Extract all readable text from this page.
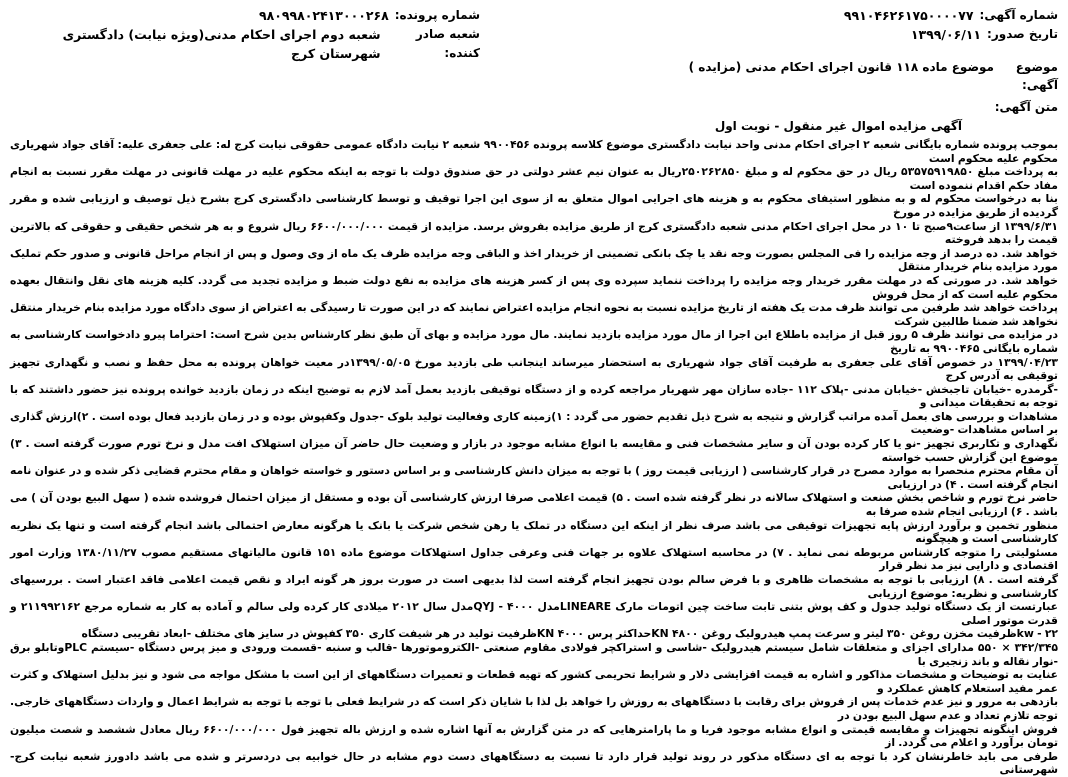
شماره آگهی:
۹۹۱۰۴۶۲۶۱۷۵۰۰۰۰۷۷
شماره پرونده:
۹۸۰۹۹۸۰۲۴۱۳۰۰۰۲۶۸
تاریخ صدور:
۱۳۹۹/۰۶/۱۱
شعبه صادر کننده:
شعبه دوم اجرای احکام مدنی(ویژه نیابت) دادگستری شهرستان کرج
موضوع آگهی:
موضوع ماده ۱۱۸ قانون اجرای احکام مدنی (مزایده )
متن آگهی:
آگهی مزایده اموال غیر منقول - نوبت اول
بموجب پرونده شماره بایگانی شعبه ۲ اجرای احکام مدنی واحد نیابت دادگستری موضوع کلاسه پرونده ۹۹۰۰۴۵۶ شعبه ۲ نیابت دادگاه عمومی حقوقی نیابت کرج له: علی جعفری علیه: آقای جواد شهریاری محکوم علیه محکوم است
به پرداخت مبلغ ۵۳۵۷۵۹۱۹۸۵۰ ریال در حق محکوم له و مبلغ ۲۵۰۲۶۲۸۵۰ریال به عنوان نیم عشر دولتی در حق صندوق دولت با توجه به اینکه محکوم علیه در مهلت قانونی در مهلت مقرر نسبت به انجام مفاد حکم اقدام ننموده است
بنا به درخواست محکوم له و به منظور استیفای محکوم به و هزینه های اجرایی اموال متعلق به از سوی این اجرا توقیف و توسط کارشناسی دادگستری کرج بشرح ذیل توصیف و ارزیابی شده و مقرر گردیده از طریق مزایده در مورخ
۱۳۹۹/۶/۳۱ از ساعت۹صبح تا ۱۰ در محل اجرای احکام مدنی شعبه دادگستری کرج از طریق مزایده بفروش برسد. مزایده از قیمت ۶۶۰۰/۰۰۰/۰۰۰ ریال شروع و به هر شخص حقیقی و حقوقی که بالاترین قیمت را بدهد فروخته
خواهد شد. ده درصد از وجه مزایده را فی المجلس بصورت وجه نقد یا چک بانکی تضمینی از خریدار اخذ و الباقی وجه مزایده ظرف یک ماه از وی وصول و پس از انجام مراحل قانونی و صدور حکم تملیک مورد مزایده بنام خریدار منتقل
خواهد شد. در صورتی که در مهلت مقرر خریدار وجه مزایده را پرداخت ننماید سپرده وی پس از کسر هزینه های مزایده به نفع دولت ضبط و مزایده تجدید می گردد. کلیه هزینه های نقل وانتقال بعهده محکوم علیه است که از محل فروش
پرداخت خواهد شد طرفین می توانند ظرف مدت یک هفته از تاریخ مزایده نسبت به نحوه انجام مزایده اعتراض نمایند که در این صورت تا رسیدگی به اعتراض از سوی دادگاه مورد مزایده بنام خریدار منتقل نخواهد شد ضمنا طالبین شرکت
در مزایده می توانند ظرف ۵ روز قبل از مزایده باطلاع این اجرا از مال مورد مزایده بازدید نمایند. مال مورد مزایده و بهای آن طبق نظر کارشناس بدین شرح است: احتراما پیرو دادخواست کارشناسی به شماره بایگانی ۹۹۰۰۴۶۵ به تاریخ
۱۳۹۹/۰۴/۲۳ در خصوص آقای علی جعفری به طرفیت آقای جواد شهریاری به استحضار میرساند اینجانب طی بازدید مورخ ۱۳۹۹/۰۵/۰۵در معیت خواهان پرونده به محل حفظ و نصب و نگهداری تجهیز توقیفی به آدرس کرج
-گرمدره -خیابان تاجبخش -خیابان مدنی -پلاک ۱۱۲ -جاده سازان مهر شهریار مراجعه کرده و از دستگاه توقیفی بازدید بعمل آمد لازم به توضیح اینکه در زمان بازدید خوانده پرونده نیز حضور داشتند که با توجه به تحقیقات میدانی و
مشاهدات و بررسی های بعمل آمده مراتب گزارش و نتیجه به شرح ذیل تقدیم حضور می گردد : ۱)زمینه کاری وفعالیت تولید بلوک -جدول وکفپوش بوده و در زمان بازدید فعال بوده است . ۲)ارزش گذاری بر اساس مشاهدات -وضعیت
نگهداری و تکاربری تجهیز -نو یا کار کرده بودن آن و سایر مشخصات فنی و مقایسه با انواع مشابه موجود در بازار و وضعیت حال حاضر آن میزان استهلاک افت مدل و نرخ تورم صورت گرفته است . ۳) موضوع این گزارش حسب خواسته
آن مقام محترم منحصرا به موارد مصرح در قرار کارشناسی ( ارزیابی قیمت روز ) با توجه به میزان دانش کارشناسی و بر اساس دستور و خواسته خواهان و مقام محترم قضایی ذکر شده و در عنوان نامه انجام گرفته است . ۴) در ارزیابی
حاضر نرخ تورم و شاخص بخش صنعت و استهلاک سالانه در نظر گرفته شده است . ۵) قیمت اعلامی صرفا ارزش کارشناسی آن بوده و مستقل از میزان احتمال فروشده شده ( سهل البیع بودن آن ) می باشد . ۶) ارزیابی انجام شده صرفا به
منظور تخمین و برآورد ارزش پایه تجهیزات توقیفی می باشد صرف نظر از اینکه این دستگاه در تملک یا رهن شخص شرکت یا بانک یا هرگونه معارض احتمالی باشد انجام گرفته است و تنها یک نظریه کارشناسی است و هیچگونه
مسئولیتی را متوجه کارشناس مربوطه نمی نماید . ۷) در محاسبه استهلاک علاوه بر جهات فنی وعرفی جداول استهلاکات موضوع ماده ۱۵۱ قانون مالیاتهای مستقیم مصوب ۱۳۸۰/۱۱/۲۷ وزارت امور اقتصادی و دارایی نیز مد نظر قرار
گرفته است . ۸) ارزیابی با توجه به مشخصات ظاهری و با فرض سالم بودن تجهیز انجام گرفته است لذا بدیهی است در صورت بروز هر گونه ایراد و نقص قیمت اعلامی فاقد اعتبار است . بررسیهای کارشناسی و نظریه: موضوع ارزیابی
عبارتست از یک دستگاه تولید جدول و کف پوش بتنی تابت ساخت چین اتومات مارک LINEAREمدل QYJ - ۴۰۰۰مدل سال ۲۰۱۲ میلادی کار کرده ولی سالم و آماده به کار به شماره مرجع ۲۱۱۹۹۲۱۶۲ و قدرت موتور اصلی
۲۲ - kwظرفیت مخزن روغن ۳۵۰ لیتر و سرعت پمپ هیدرولیک روغن ۴۸۰۰ KNحداکثر پرس ۴۰۰۰ KNظرفیت تولید در هر شیفت کاری ۳۵۰ کفپوش در سایز های مختلف -ابعاد تقریبی دستگاه
۳۴۲/۳۴۵ × ۵۵۰ مدارای اجزای و متعلقات شامل سیستم هیدرولیک -شاسی و استراکچر فولادی مقاوم صنعتی -الکتروموتورها -قالب و سنبه -قسمت ورودی و میز پرس دستگاه -سیستم PLCوتابلو برق -نوار نقاله و باند زنجیری با
عنایت به توضیحات و مشخصات مذاکور و اشاره به قیمت افزایشی دلار و شرایط تحریمی کشور که تهیه قطعات و تعمیرات دستگاههای از این است با مشکل مواجه می شود و نیز بدلیل استهلاک و کثرت عمر مفید استعلام کاهش عملکرد و
بازدهی به مرور و نیز عدم خدمات پس از فروش برای رقابت با دستگاههای به روزش را خواهد بل لذا با شایان ذکر است که در شرایط فعلی با توجه با توجه به شرایط اعمال و واردات دستگاههای خارجی. توجه تلازم تعداد و عدم سهل البیع بودن در
فروش اینگونه تجهیزات و مقایسه قیمتی و انواع مشابه موجود فریا و ما پارامترهایی که در متن گزارش به آنها اشاره شده و ارزش باله تجهیز فول ۶۶۰۰/۰۰۰/۰۰۰ ریال معادل ششصد و شصت میلیون تومان برآورد و اعلام می گردد. از
طرفی می باید خاطرنشان کرد با توجه به ای دستگاه مذکور در روند تولید قرار دارد تا نسبت به دستگاههای دست دوم مشابه در حال خوابیه بی دردسرتر و شده می باشد دادورز شعبه نیابت کرج-شهرستانی
